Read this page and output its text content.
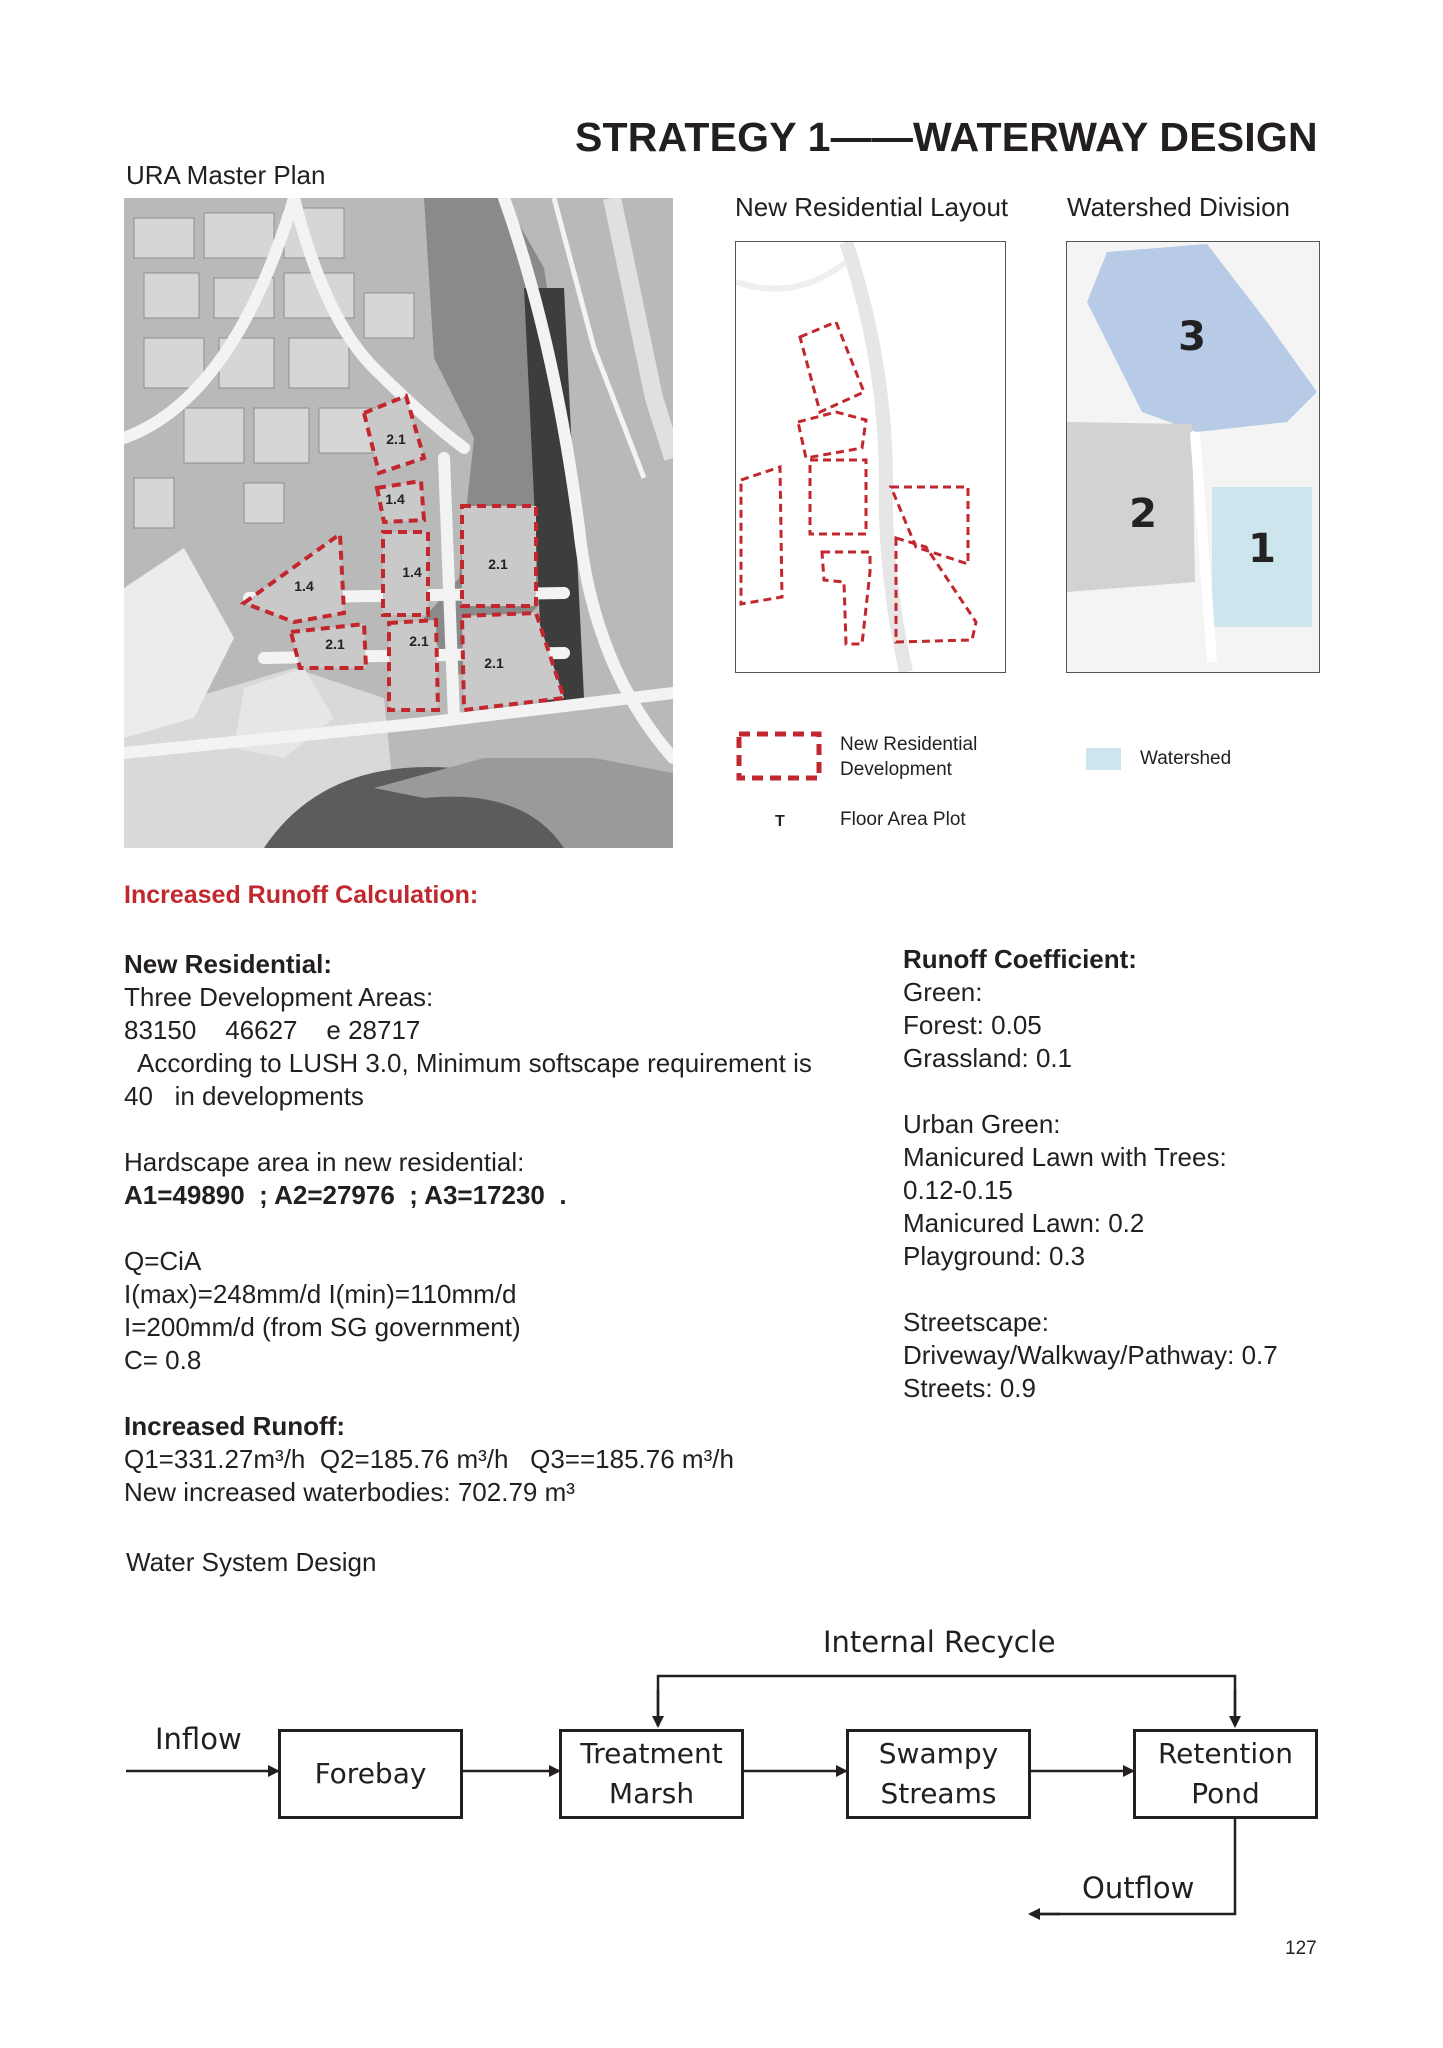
STRATEGY 1——WATERWAY DESIGN
URA Master Plan
New Residential Layout Watershed Division
2.1
1.4
1.4
1.4	2.1
2.1	2.1
2.1
3
2
1
New Residential
Development
Watershed
T	Floor Area Plot
Increased Runoff Calculation:
New Residential:
Three Development Areas:
83150    46627    e 28717
According to LUSH 3.0, Minimum softscape requirement is
40   in developments
Hardscape area in new residential:
A1=49890  ; A2=27976  ; A3=17230  .
Q=CiA
I(max)=248mm/d I(min)=110mm/d
I=200mm/d (from SG government)
C= 0.8
Increased Runoff:
Q1=331.27m³/h  Q2=185.76 m³/h   Q3==185.76 m³/h
New increased waterbodies: 702.79 m³
Runoff Coefficient:
Green:
Forest: 0.05
Grassland: 0.1
Urban Green:
Manicured Lawn with Trees:
0.12-0.15
Manicured Lawn: 0.2
Playground: 0.3
Streetscape:
Driveway/Walkway/Pathway: 0.7
Streets: 0.9
Water System Design
Internal Recycle
Inflow
Outflow
Forebay
Treatment
Marsh
Swampy
Streams
Retention
Pond
127
